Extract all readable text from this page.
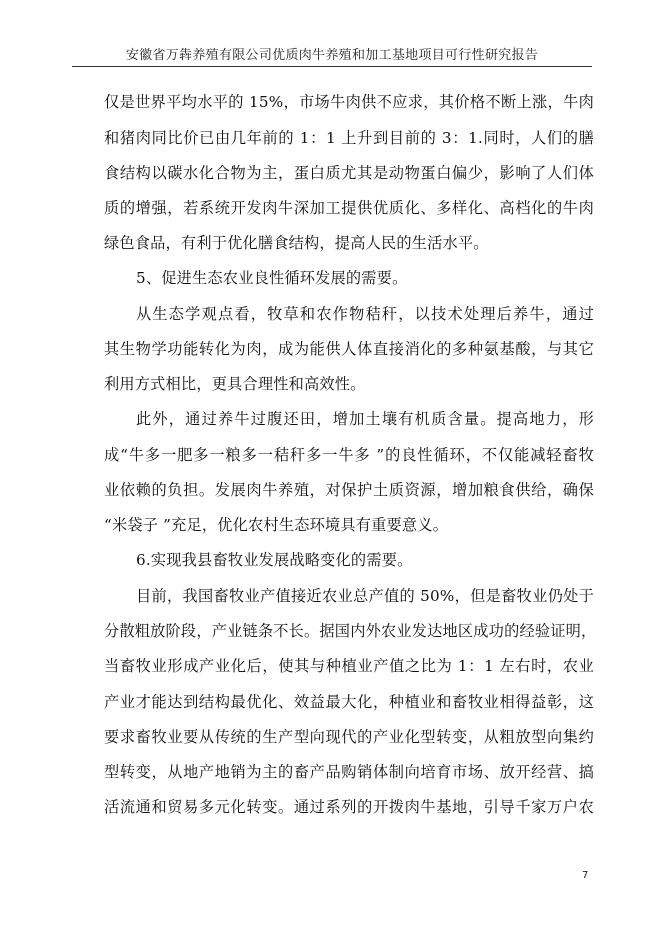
安徽省万犇养殖有限公司优质肉牛养殖和加工基地项目可行性研究报告
仅是世界平均水平的 15%，市场牛肉供不应求，其价格不断上涨，牛肉
和猪肉同比价已由几年前的 1：1 上升到目前的 3：1.同时，人们的膳
食结构以碳水化合物为主，蛋白质尤其是动物蛋白偏少，影响了人们体
质的增强，若系统开发肉牛深加工提供优质化、多样化、高档化的牛肉
绿色食品，有利于优化膳食结构，提高人民的生活水平。
5、促进生态农业良性循环发展的需要。
从生态学观点看，牧草和农作物秸秆，以技术处理后养牛，通过
其生物学功能转化为肉，成为能供人体直接消化的多种氨基酸，与其它
利用方式相比，更具合理性和高效性。
此外，通过养牛过腹还田，增加土壤有机质含量。提高地力，形
成“牛多一肥多一粮多一秸秆多一牛多 ”的良性循环，不仅能减轻畜牧
业依赖的负担。发展肉牛养殖，对保护土质资源，增加粮食供给，确保
“米袋子 ”充足，优化农村生态环境具有重要意义。
6.实现我县畜牧业发展战略变化的需要。
目前，我国畜牧业产值接近农业总产值的 50%，但是畜牧业仍处于
分散粗放阶段，产业链条不长。据国内外农业发达地区成功的经验证明，
当畜牧业形成产业化后，使其与种植业产值之比为 1：1 左右时，农业
产业才能达到结构最优化、效益最大化，种植业和畜牧业相得益彰，这
要求畜牧业要从传统的生产型向现代的产业化型转变，从粗放型向集约
型转变，从地产地销为主的畜产品购销体制向培育市场、放开经营、搞
活流通和贸易多元化转变。通过系列的开拨肉牛基地，引导千家万户农
7
